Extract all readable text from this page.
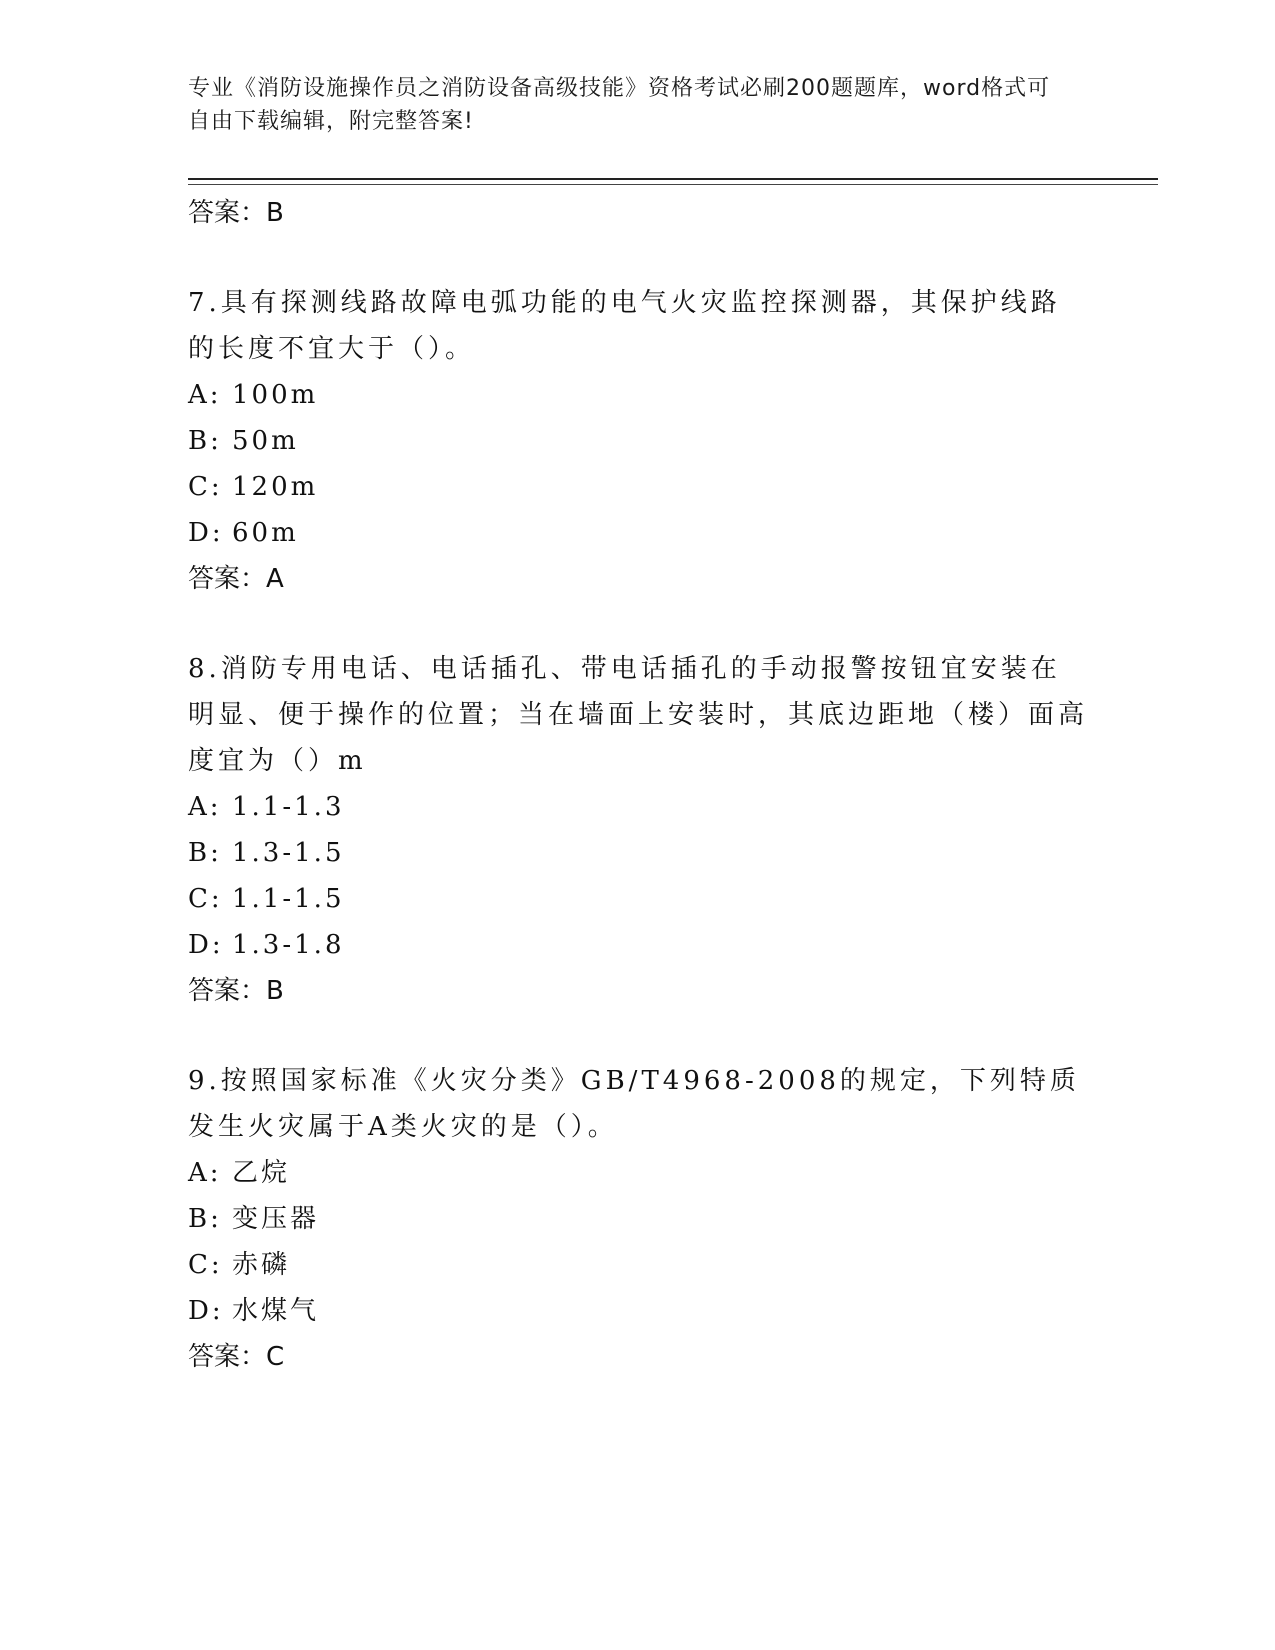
专业《消防设施操作员之消防设备高级技能》资格考试必刷200题题库，word格式可自由下载编辑，附完整答案!
答案：B
7.具有探测线路故障电弧功能的电气火灾监控探测器，其保护线路的长度不宜大于（）。
A: 100m
B: 50m
C: 120m
D: 60m
答案：A
8.消防专用电话、电话插孔、带电话插孔的手动报警按钮宜安装在明显、便于操作的位置；当在墙面上安装时，其底边距地（楼）面高度宜为（）m
A: 1.1-1.3
B: 1.3-1.5
C: 1.1-1.5
D: 1.3-1.8
答案：B
9.按照国家标准《火灾分类》GB/T4968-2008的规定，下列特质发生火灾属于A类火灾的是（）。
A: 乙烷
B: 变压器
C: 赤磷
D: 水煤气
答案：C
